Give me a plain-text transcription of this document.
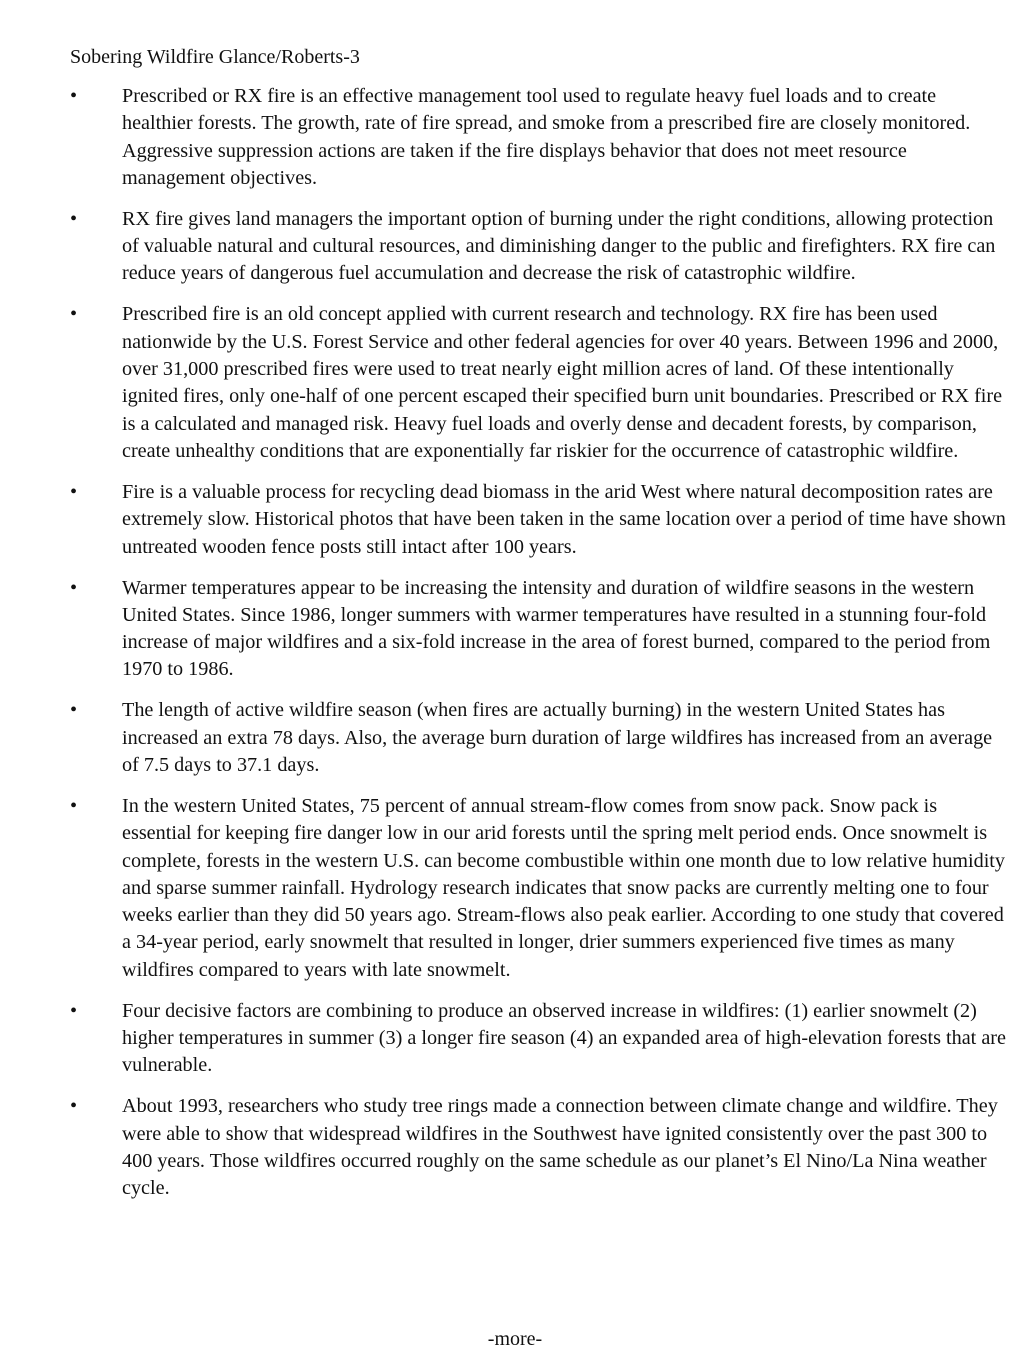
Sobering Wildfire Glance/Roberts-3
•	Prescribed or RX fire is an effective management tool used to regulate heavy fuel loads and to create healthier forests. The growth, rate of fire spread, and smoke from a prescribed fire are closely monitored. Aggressive suppression actions are taken if the fire displays behavior that does not meet resource management objectives.
•	RX fire gives land managers the important option of burning under the right conditions, allowing protection of valuable natural and cultural resources, and diminishing danger to the public and firefighters. RX fire can reduce years of dangerous fuel accumulation and decrease the risk of catastrophic wildfire.
•	Prescribed fire is an old concept applied with current research and technology. RX fire has been used nationwide by the U.S. Forest Service and other federal agencies for over 40 years. Between 1996 and 2000, over 31,000 prescribed fires were used to treat nearly eight million acres of land. Of these intentionally ignited fires, only one-half of one percent escaped their specified burn unit boundaries. Prescribed or RX fire is a calculated and managed risk. Heavy fuel loads and overly dense and decadent forests, by comparison, create unhealthy conditions that are exponentially far riskier for the occurrence of catastrophic wildfire.
•	Fire is a valuable process for recycling dead biomass in the arid West where natural decomposition rates are extremely slow. Historical photos that have been taken in the same location over a period of time have shown untreated wooden fence posts still intact after 100 years.
•	Warmer temperatures appear to be increasing the intensity and duration of wildfire seasons in the western United States. Since 1986, longer summers with warmer temperatures have resulted in a stunning four-fold increase of major wildfires and a six-fold increase in the area of forest burned, compared to the period from 1970 to 1986.
•	The length of active wildfire season (when fires are actually burning) in the western United States has increased an extra 78 days. Also, the average burn duration of large wildfires has increased from an average of 7.5 days to 37.1 days.
•	In the western United States, 75 percent of annual stream-flow comes from snow pack. Snow pack is essential for keeping fire danger low in our arid forests until the spring melt period ends. Once snowmelt is complete, forests in the western U.S. can become combustible within one month due to low relative humidity and sparse summer rainfall. Hydrology research indicates that snow packs are currently melting one to four weeks earlier than they did 50 years ago. Stream-flows also peak earlier. According to one study that covered a 34-year period, early snowmelt that resulted in longer, drier summers experienced five times as many wildfires compared to years with late snowmelt.
•	Four decisive factors are combining to produce an observed increase in wildfires: (1) earlier snowmelt (2) higher temperatures in summer (3) a longer fire season (4) an expanded area of high-elevation forests that are vulnerable.
•	About 1993, researchers who study tree rings made a connection between climate change and wildfire. They were able to show that widespread wildfires in the Southwest have ignited consistently over the past 300 to 400 years. Those wildfires occurred roughly on the same schedule as our planet’s El Nino/La Nina weather cycle.
-more-
